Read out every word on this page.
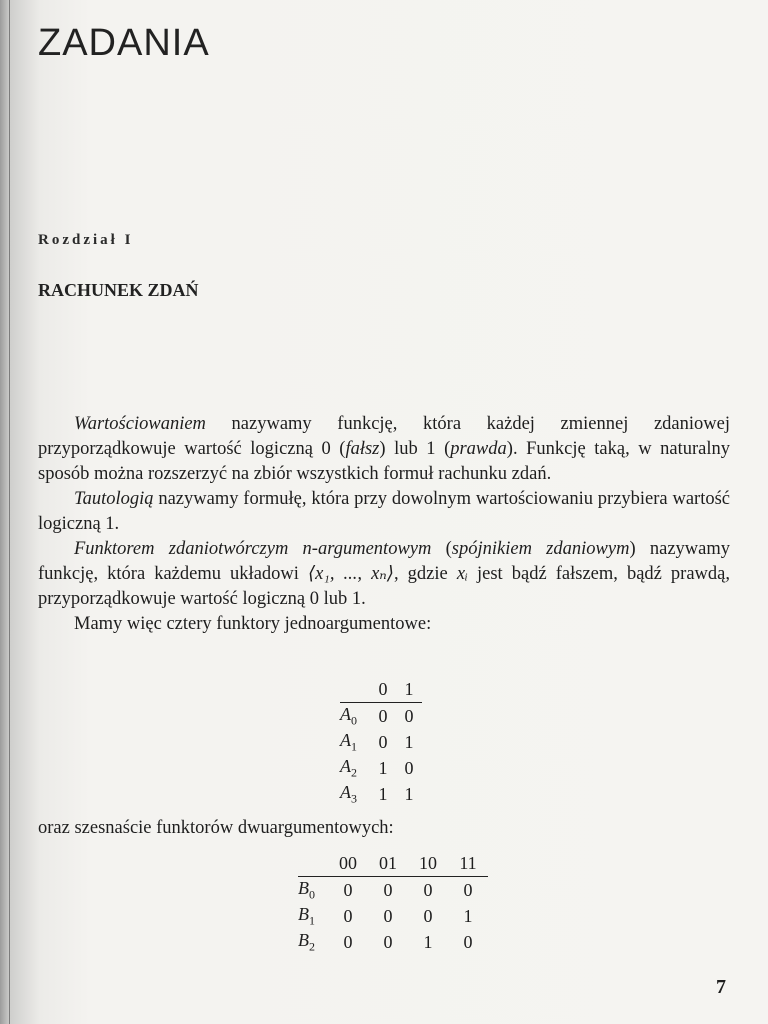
ZADANIA
Rozdział I
RACHUNEK ZDAŃ

Wartościowaniem nazywamy funkcję, która każdej zmiennej zdaniowej przyporządkowuje wartość logiczną 0 (fałsz) lub 1 (prawda). Funkcję taką, w naturalny sposób można rozszerzyć na zbiór wszystkich formuł rachunku zdań.

Tautologią nazywamy formułę, która przy dowolnym wartościowaniu przybiera wartość logiczną 1.

Funktorem zdaniotwórczym n-argumentowym (spójnikiem zdaniowym) nazywamy funkcję, która każdemu układowi ⟨x₁, ..., xₙ⟩, gdzie xᵢ jest bądź fałszem, bądź prawdą, przyporządkowuje wartość logiczną 0 lub 1.

Mamy więc cztery funktory jednoargumentowe:

	0	1
$A_0$	0	0
$A_1$	0	1
$A_2$	1	0
$A_3$	1	1
oraz szesnaście funktorów dwuargumentowych:
	00	01	10	11
$B_0$	0	0	0	0
$B_1$	0	0	0	1
$B_2$	0	0	1	0
7
